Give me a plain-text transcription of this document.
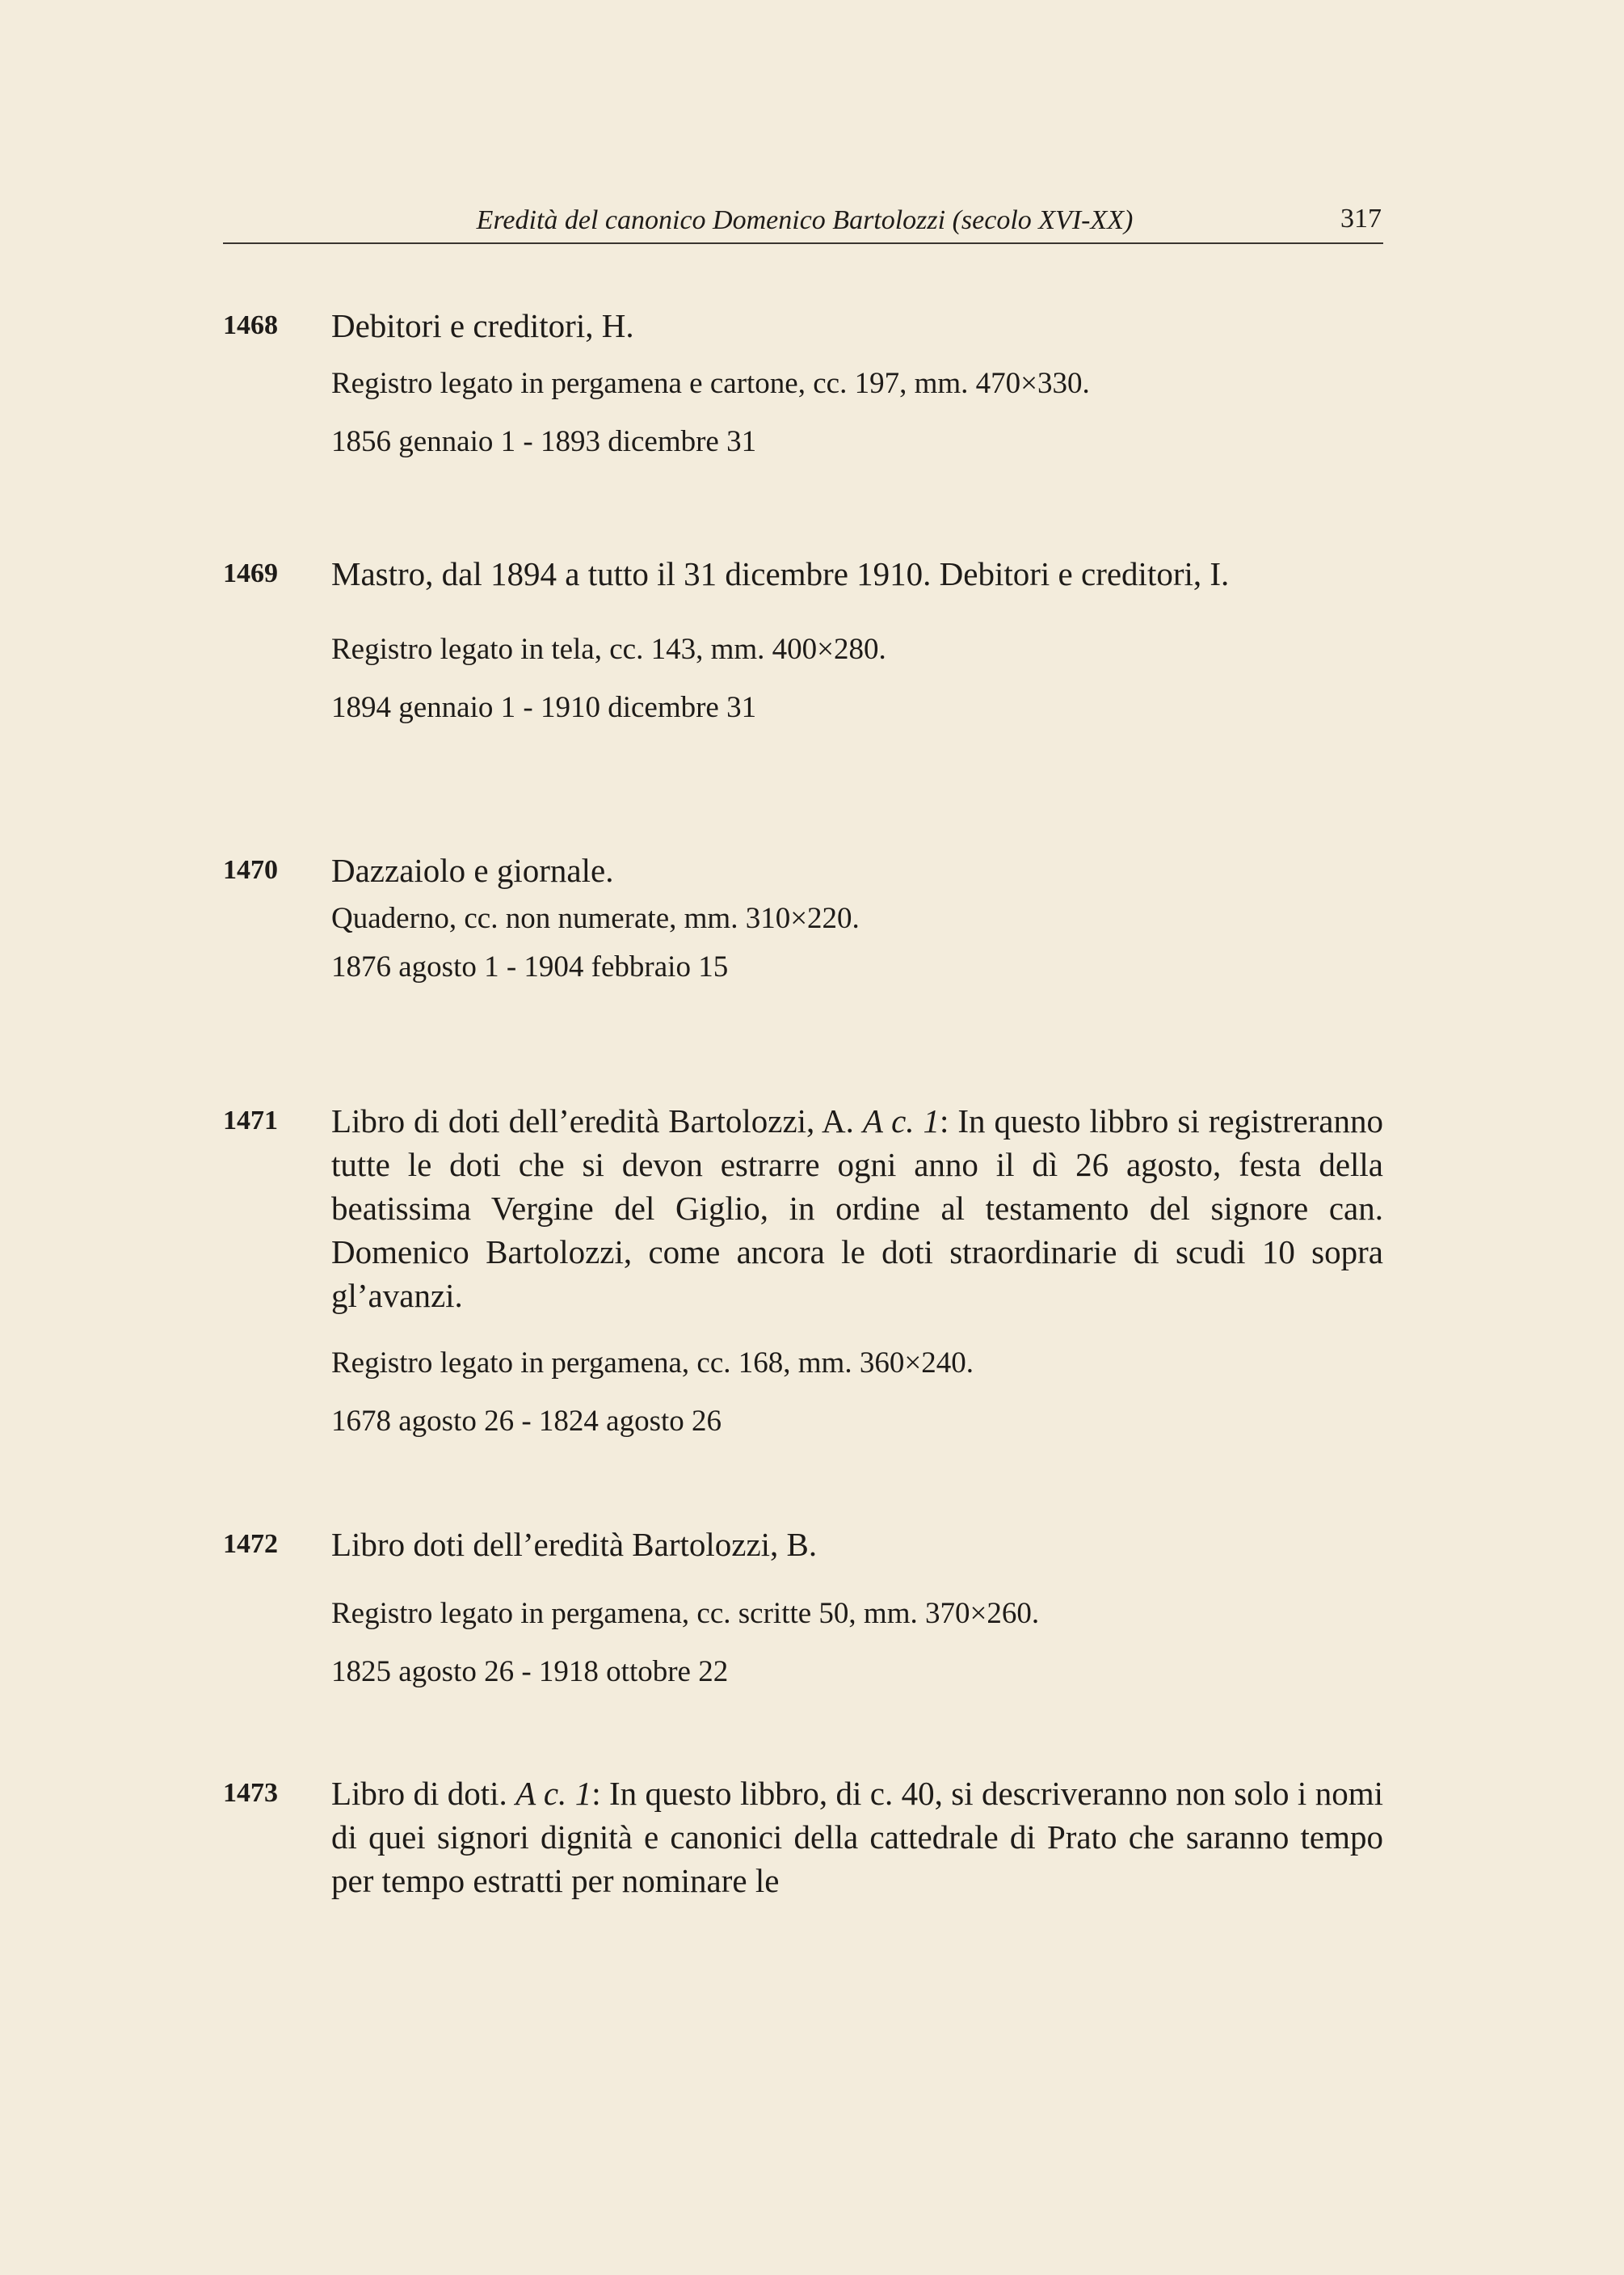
Eredità del canonico Domenico Bartolozzi (secolo XVI-XX)	317
1468 Debitori e creditori, H.
Registro legato in pergamena e cartone, cc. 197, mm. 470×330.
1856 gennaio 1 - 1893 dicembre 31
1469 Mastro, dal 1894 a tutto il 31 dicembre 1910. Debitori e creditori, I.
Registro legato in tela, cc. 143, mm. 400×280.
1894 gennaio 1 - 1910 dicembre 31
1470 Dazzaiolo e giornale.
Quaderno, cc. non numerate, mm. 310×220.
1876 agosto 1 - 1904 febbraio 15
1471 Libro di doti dell’eredità Bartolozzi, A. A c. 1: In questo libbro si registreranno tutte le doti che si devon estrarre ogni anno il dì 26 agosto, festa della beatissima Vergine del Giglio, in ordine al testamento del signore can. Domenico Bartolozzi, come ancora le doti straordinarie di scudi 10 sopra gl’avanzi.
Registro legato in pergamena, cc. 168, mm. 360×240.
1678 agosto 26 - 1824 agosto 26
1472 Libro doti dell’eredità Bartolozzi, B.
Registro legato in pergamena, cc. scritte 50, mm. 370×260.
1825 agosto 26 - 1918 ottobre 22
1473 Libro di doti. A c. 1: In questo libbro, di c. 40, si descriveranno non solo i nomi di quei signori dignità e canonici della cattedrale di Prato che saranno tempo per tempo estratti per nominare le
